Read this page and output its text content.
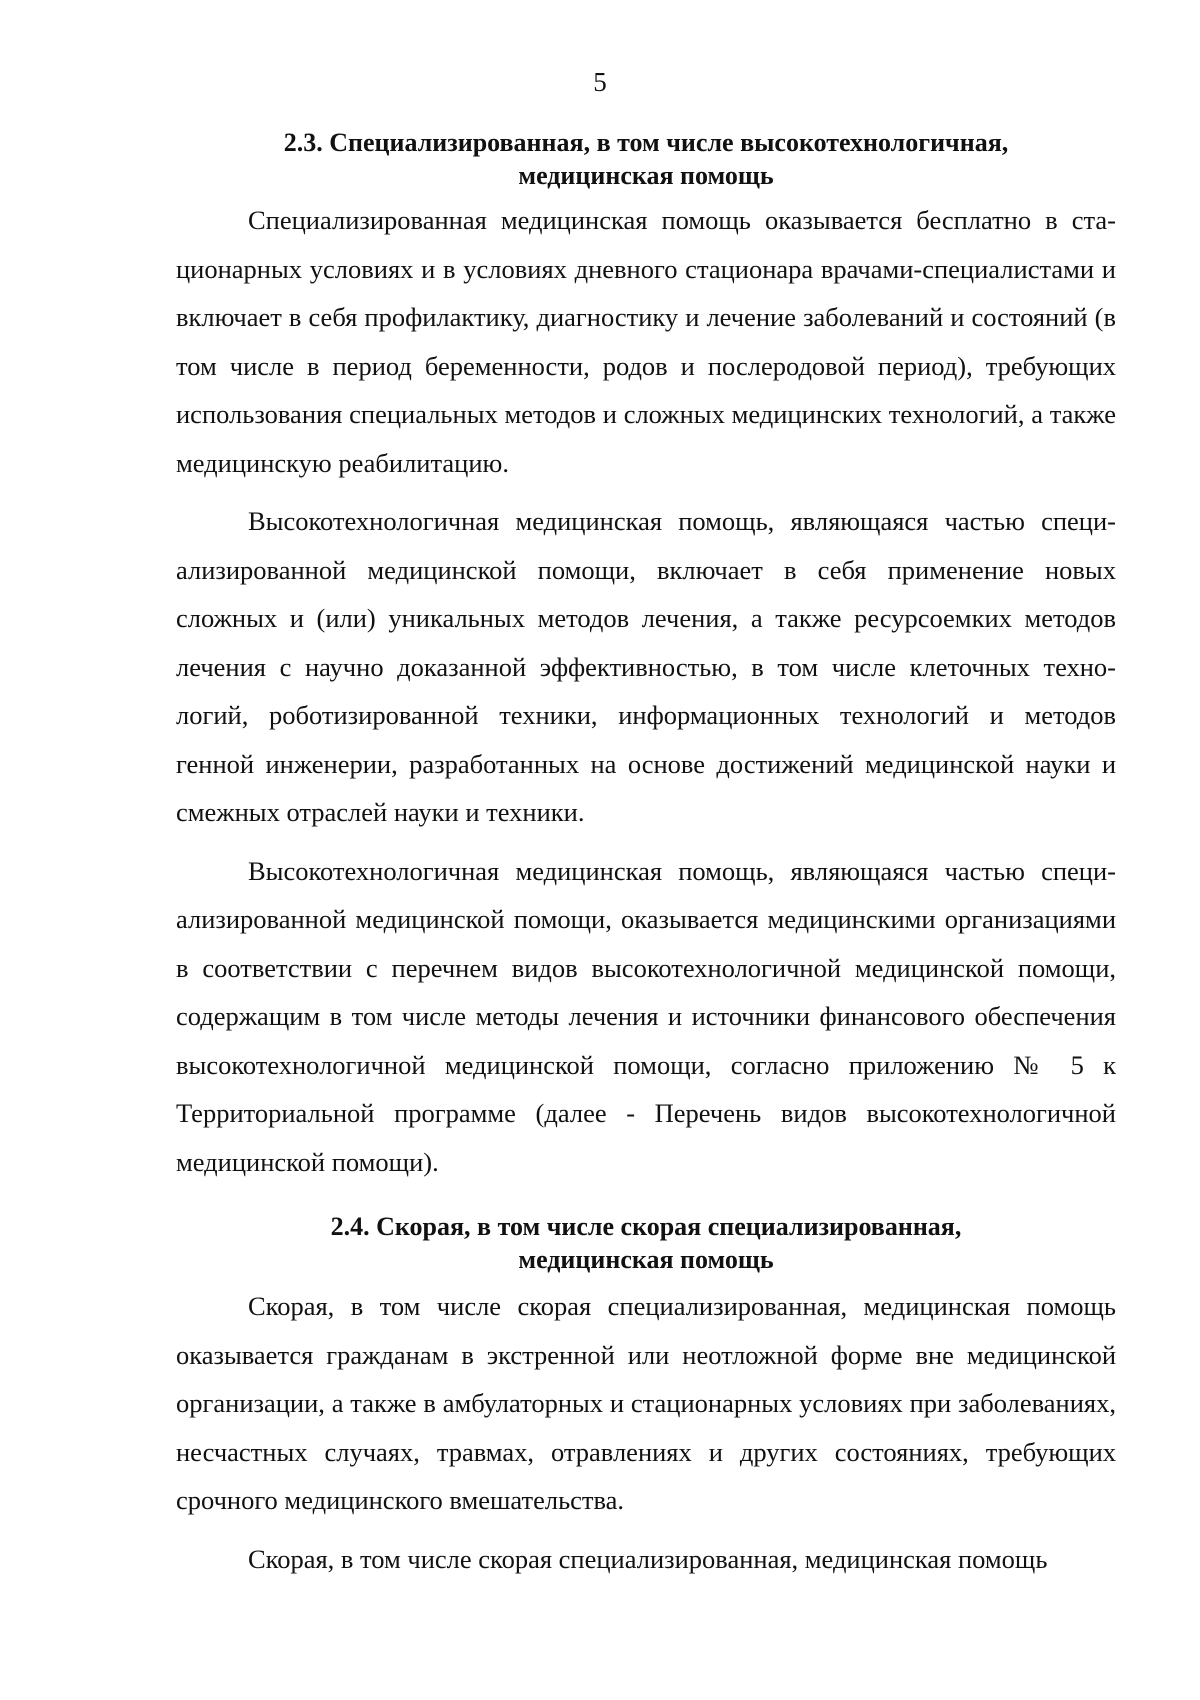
5
2.3. Специализированная, в том числе высокотехнологичная,
медицинская помощь

Специализированная медицинская помощь оказывается бесплатно в стационарных условиях и в условиях дневного стационара врачами-специалистами и включает в себя профилактику, диагностику и лечение заболеваний и состояний (в том числе в период беременности, родов и послеродовой период), требующих использования специальных методов и сложных медицинских технологий, а также медицинскую реабилитацию.

Высокотехнологичная медицинская помощь, являющаяся частью специализированной медицинской помощи, включает в себя применение новых сложных и (или) уникальных методов лечения, а также ресурсоемких методов лечения с научно доказанной эффективностью, в том числе клеточных технологий, роботизированной техники, информационных технологий и методов генной инженерии, разработанных на основе достижений медицинской науки и смежных отраслей науки и техники.

Высокотехнологичная медицинская помощь, являющаяся частью специализированной медицинской помощи, оказывается медицинскими организациями в соответствии с перечнем видов высокотехнологичной медицинской помощи, содержащим в том числе методы лечения и источники финансового обеспечения высокотехнологичной медицинской помощи, согласно приложению № 5 к Территориальной программе (далее - Перечень видов высокотехнологичной медицинской помощи).

2.4. Скорая, в том числе скорая специализированная,
медицинская помощь

Скорая, в том числе скорая специализированная, медицинская помощь оказывается гражданам в экстренной или неотложной форме вне медицинской организации, а также в амбулаторных и стационарных условиях при заболеваниях, несчастных случаях, травмах, отравлениях и других состояниях, требующих срочного медицинского вмешательства.

Скорая, в том числе скорая специализированная, медицинская помощь
